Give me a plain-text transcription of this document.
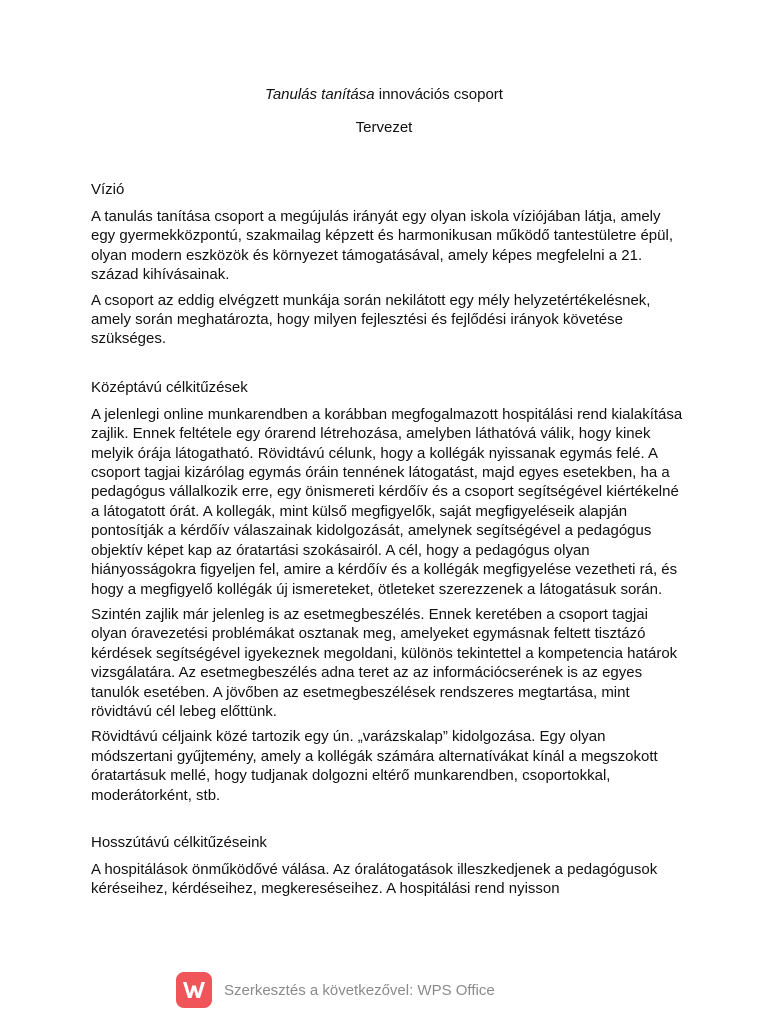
Tanulás tanítása innovációs csoport
Tervezet
Vízió

A tanulás tanítása csoport a megújulás irányát egy olyan iskola víziójában látja, amely egy gyermekközpontú, szakmailag képzett és harmonikusan működő tantestületre épül, olyan modern eszközök és környezet támogatásával, amely képes megfelelni a 21. század kihívásainak.

A csoport az eddig elvégzett munkája során nekilátott egy mély helyzetértékelésnek, amely során meghatározta, hogy milyen fejlesztési és fejlődési irányok követése szükséges.

Középtávú célkitűzések

A jelenlegi online munkarendben a korábban megfogalmazott hospitálási rend kialakítása zajlik. Ennek feltétele egy órarend létrehozása, amelyben láthatóvá válik, hogy kinek melyik órája látogatható. Rövidtávú célunk, hogy a kollégák nyissanak egymás felé. A csoport tagjai kizárólag egymás óráin tennének látogatást, majd egyes esetekben, ha a pedagógus vállalkozik erre, egy önismereti kérdőív és a csoport segítségével kiértékelné a látogatott órát. A kollegák, mint külső megfigyelők, saját megfigyeléseik alapján pontosítják a kérdőív válaszainak kidolgozását, amelynek segítségével a pedagógus objektív képet kap az óratartási szokásairól. A cél, hogy a pedagógus olyan hiányosságokra figyeljen fel, amire a kérdőív és a kollégák megfigyelése vezetheti rá, és hogy a megfigyelő kollégák új ismereteket, ötleteket szerezzenek a látogatásuk során.

Szintén zajlik már jelenleg is az esetmegbeszélés. Ennek keretében a csoport tagjai olyan óravezetési problémákat osztanak meg, amelyeket egymásnak feltett tisztázó kérdések segítségével igyekeznek megoldani, különös tekintettel a kompetencia határok vizsgálatára. Az esetmegbeszélés adna teret az az információcserének is az egyes tanulók esetében. A jövőben az esetmegbeszélések rendszeres megtartása, mint rövidtávú cél lebeg előttünk.

Rövidtávú céljaink közé tartozik egy ún. „varázskalap” kidolgozása. Egy olyan módszertani gyűjtemény, amely a kollégák számára alternatívákat kínál a megszokott óratartásuk mellé, hogy tudjanak dolgozni eltérő munkarendben, csoportokkal, moderátorként, stb.

Hosszútávú célkitűzéseink

A hospitálások önműködővé válása. Az óralátogatások illeszkedjenek a pedagógusok kéréseihez, kérdéseihez, megkereséseihez. A hospitálási rend nyisson

Szerkesztés a következővel: WPS Office
